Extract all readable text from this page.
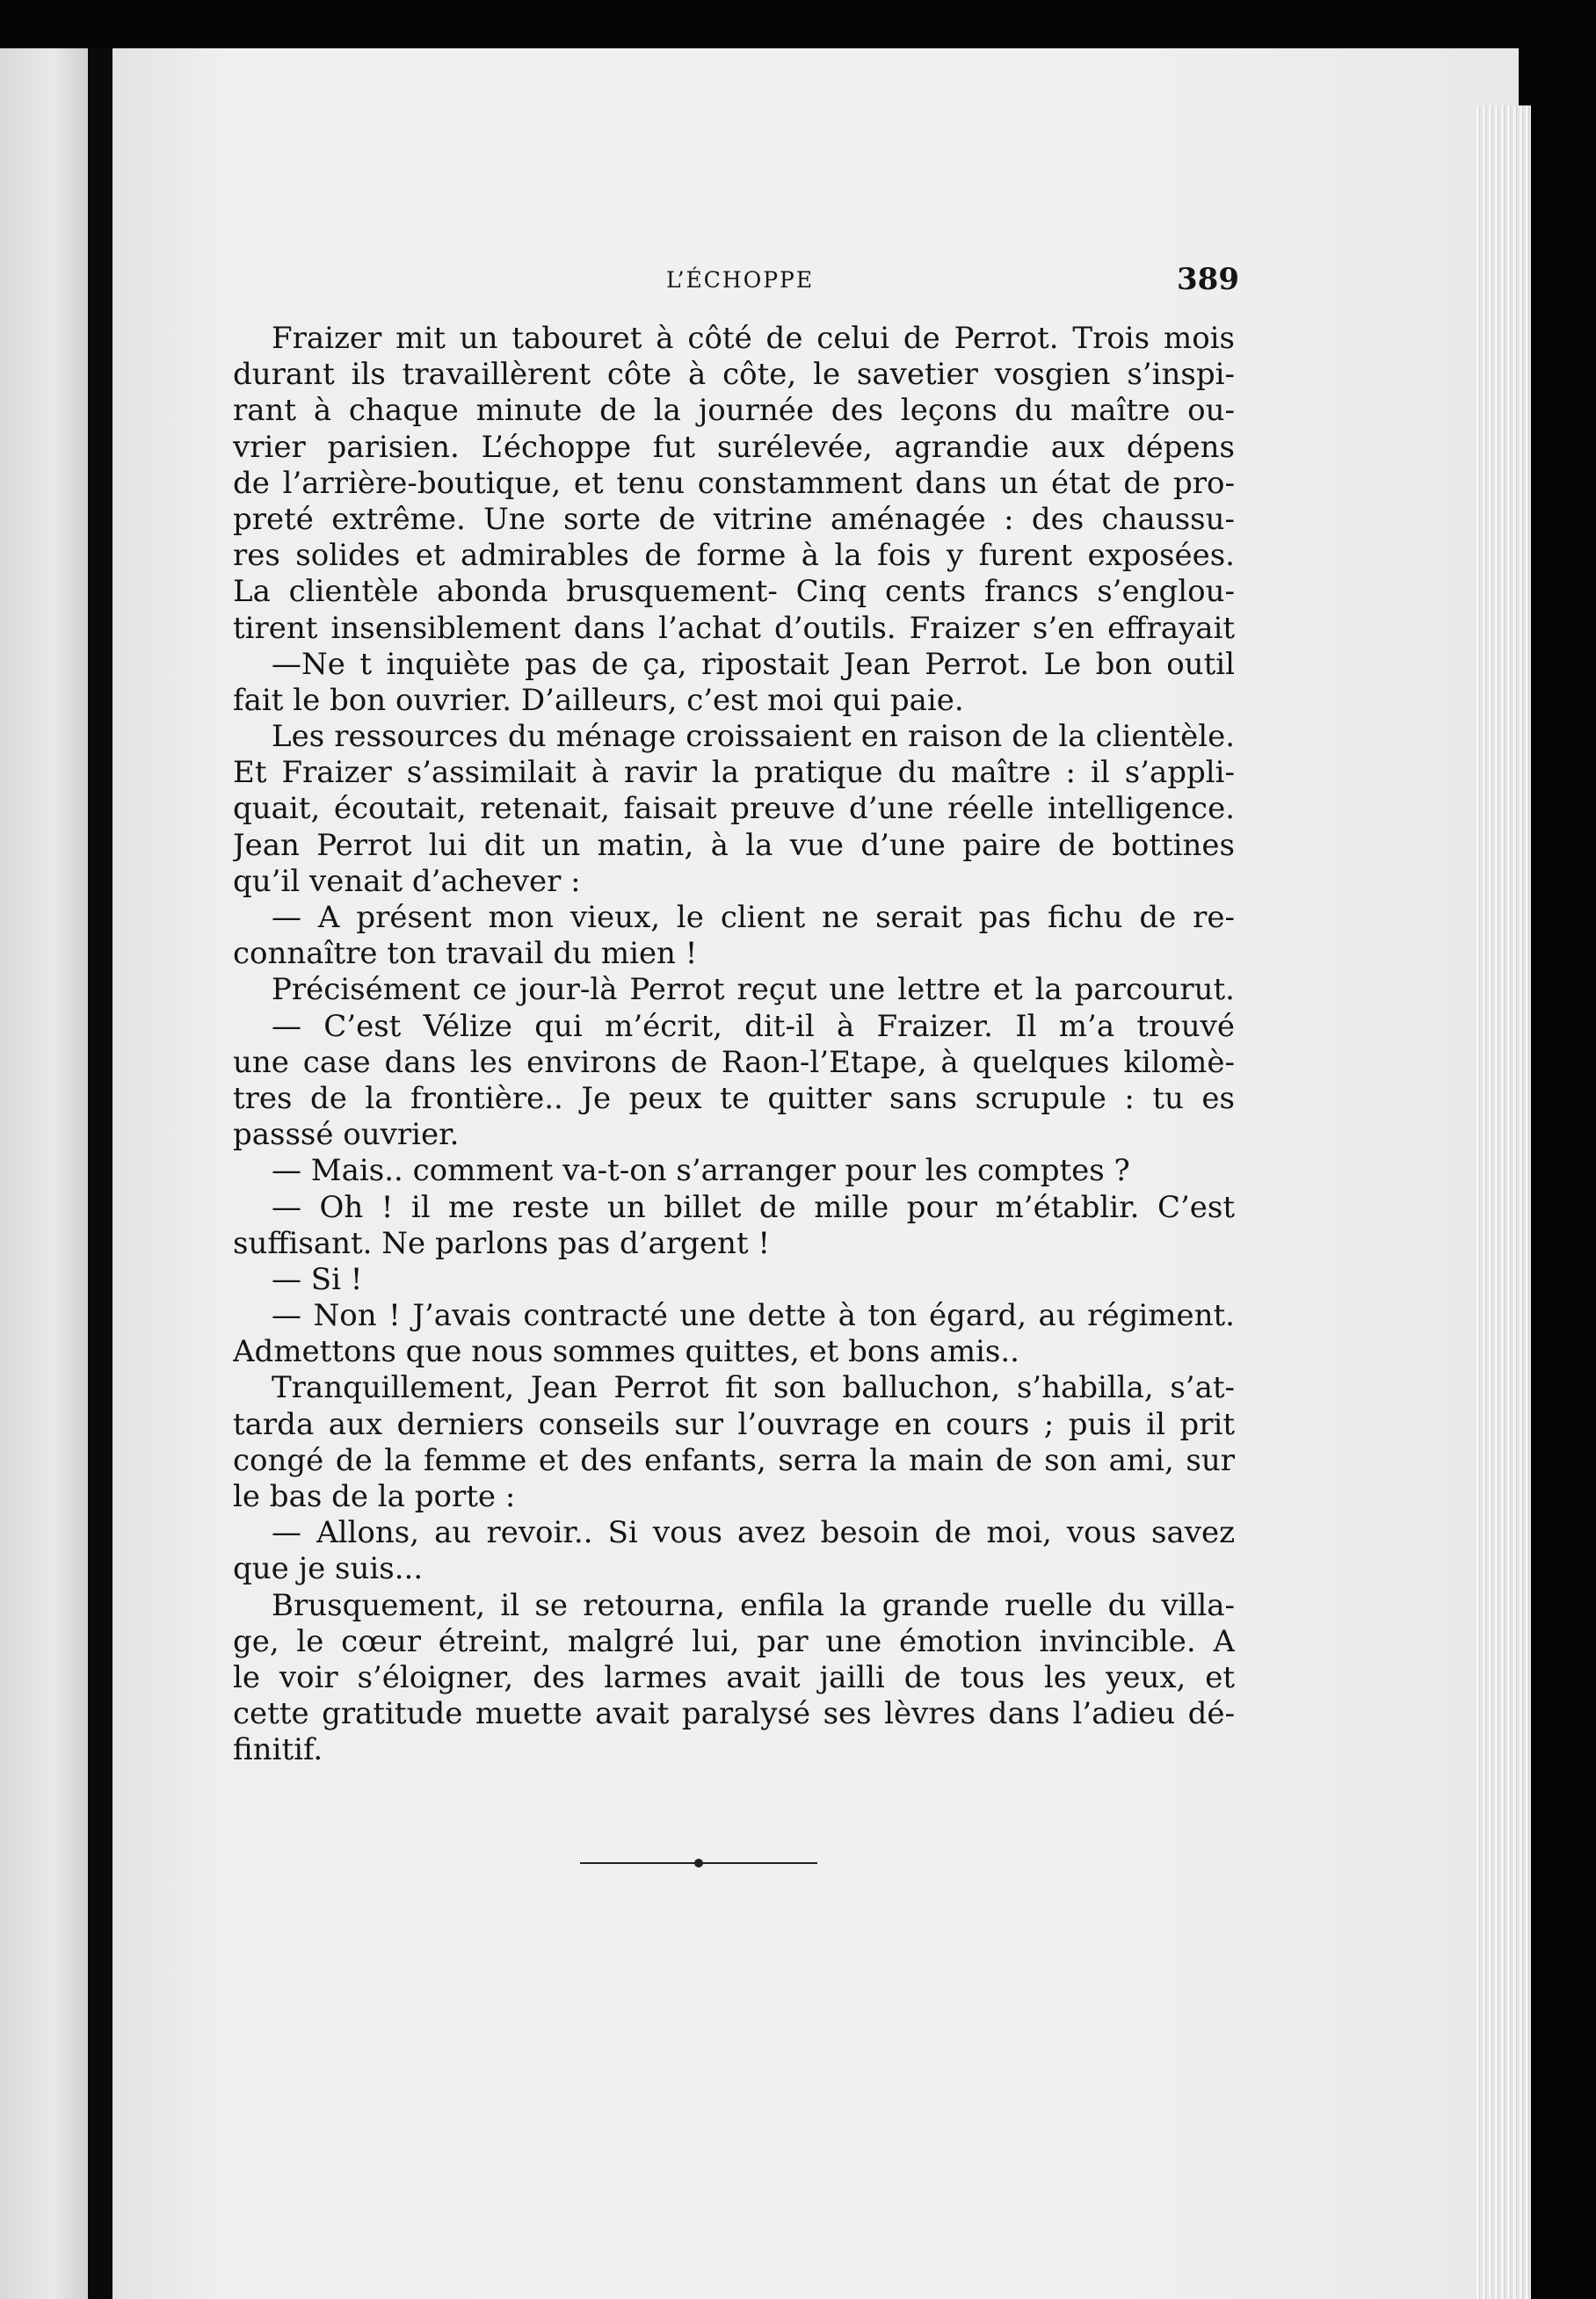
L’ÉCHOPPE	389
Fraizer mit un tabouret à côté de celui de Perrot. Trois mois
durant ils travaillèrent côte à côte, le savetier vosgien s’inspi-
rant à chaque minute de la journée des leçons du maître ou-
vrier parisien. L’échoppe fut surélevée, agrandie aux dépens
de l’arrière-boutique, et tenu constamment dans un état de pro-
preté extrême. Une sorte de vitrine aménagée : des chaussu-
res solides et admirables de forme à la fois y furent exposées.
La clientèle abonda brusquement- Cinq cents francs s’englou-
tirent insensiblement dans l’achat d’outils. Fraizer s’en effrayait
—Ne t inquiète pas de ça, ripostait Jean Perrot. Le bon outil
fait le bon ouvrier. D’ailleurs, c’est moi qui paie.
Les ressources du ménage croissaient en raison de la clientèle.
Et Fraizer s’assimilait à ravir la pratique du maître : il s’appli-
quait, écoutait, retenait, faisait preuve d’une réelle intelligence.
Jean Perrot lui dit un matin, à la vue d’une paire de bottines
qu’il venait d’achever :
— A présent mon vieux, le client ne serait pas fichu de re-
connaître ton travail du mien !
Précisément ce jour-là Perrot reçut une lettre et la parcourut.
— C’est Vélize qui m’écrit, dit-il à Fraizer. Il m’a trouvé
une case dans les environs de Raon-l’Etape, à quelques kilomè-
tres de la frontière.. Je peux te quitter sans scrupule : tu es
passsé ouvrier.
— Mais.. comment va-t-on s’arranger pour les comptes ?
— Oh ! il me reste un billet de mille pour m’établir. C’est
suffisant. Ne parlons pas d’argent !
— Si !
— Non ! J’avais contracté une dette à ton égard, au régiment.
Admettons que nous sommes quittes, et bons amis..
Tranquillement, Jean Perrot fit son balluchon, s’habilla, s’at-
tarda aux derniers conseils sur l’ouvrage en cours ; puis il prit
congé de la femme et des enfants, serra la main de son ami, sur
le bas de la porte :
— Allons, au revoir.. Si vous avez besoin de moi, vous savez
que je suis...
Brusquement, il se retourna, enfila la grande ruelle du villa-
ge, le cœur étreint, malgré lui, par une émotion invincible. A
le voir s’éloigner, des larmes avait jailli de tous les yeux, et
cette gratitude muette avait paralysé ses lèvres dans l’adieu dé-
finitif.
